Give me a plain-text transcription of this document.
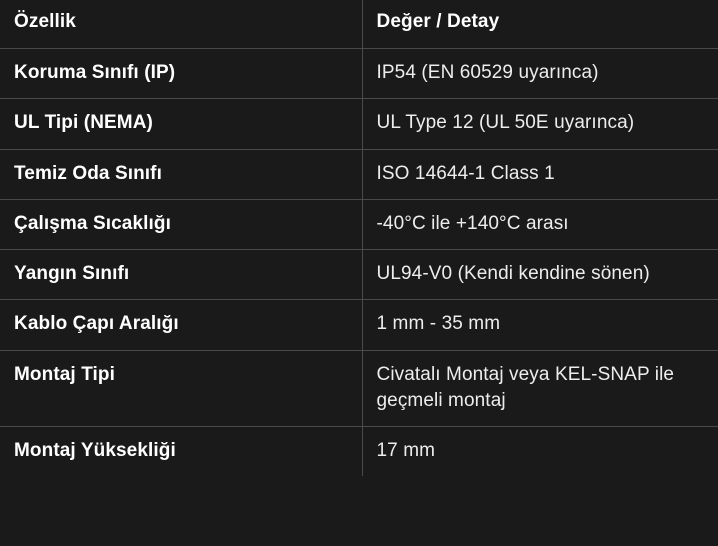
Özellik	Değer / Detay
Koruma Sınıfı (IP)	IP54 (EN 60529 uyarınca)
UL Tipi (NEMA)	UL Type 12 (UL 50E uyarınca)
Temiz Oda Sınıfı	ISO 14644-1 Class 1
Çalışma Sıcaklığı	-40°C ile +140°C arası
Yangın Sınıfı	UL94-V0 (Kendi kendine sönen)
Kablo Çapı Aralığı	1 mm - 35 mm
Montaj Tipi	Civatalı Montaj veya KEL-SNAP ile geçmeli montaj
Montaj Yüksekliği	17 mm
